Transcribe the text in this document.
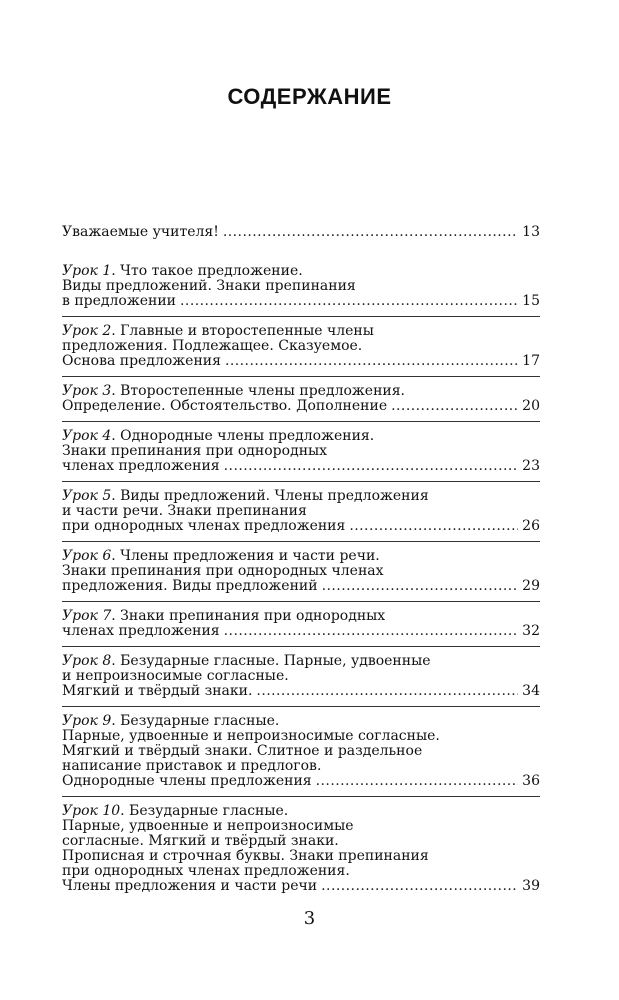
СОДЕРЖАНИЕ
Уважаемые учителя! . . .	13
Урок 1. Что такое предложение.
Виды предложений. Знаки препинания
в предложении . . .	15
Урок 2. Главные и второстепенные члены
предложения. Подлежащее. Сказуемое.
Основа предложения . . .	17
Урок 3. Второстепенные члены предложения.
Определение. Обстоятельство. Дополнение . . .	20
Урок 4. Однородные члены предложения.
Знаки препинания при однородных
членах предложения . . .	23
Урок 5. Виды предложений. Члены предложения
и части речи. Знаки препинания
при однородных членах предложения . . .	26
Урок 6. Члены предложения и части речи.
Знаки препинания при однородных членах
предложения. Виды предложений . . .	29
Урок 7. Знаки препинания при однородных
членах предложения . . .	32
Урок 8. Безударные гласные. Парные, удвоенные
и непроизносимые согласные.
Мягкий и твёрдый знаки. . . .	34
Урок 9. Безударные гласные.
Парные, удвоенные и непроизносимые согласные.
Мягкий и твёрдый знаки. Слитное и раздельное
написание приставок и предлогов.
Однородные члены предложения . . .	36
Урок 10. Безударные гласные.
Парные, удвоенные и непроизносимые
согласные. Мягкий и твёрдый знаки.
Прописная и строчная буквы. Знаки препинания
при однородных членах предложения.
Члены предложения и части речи . . .	39
3
